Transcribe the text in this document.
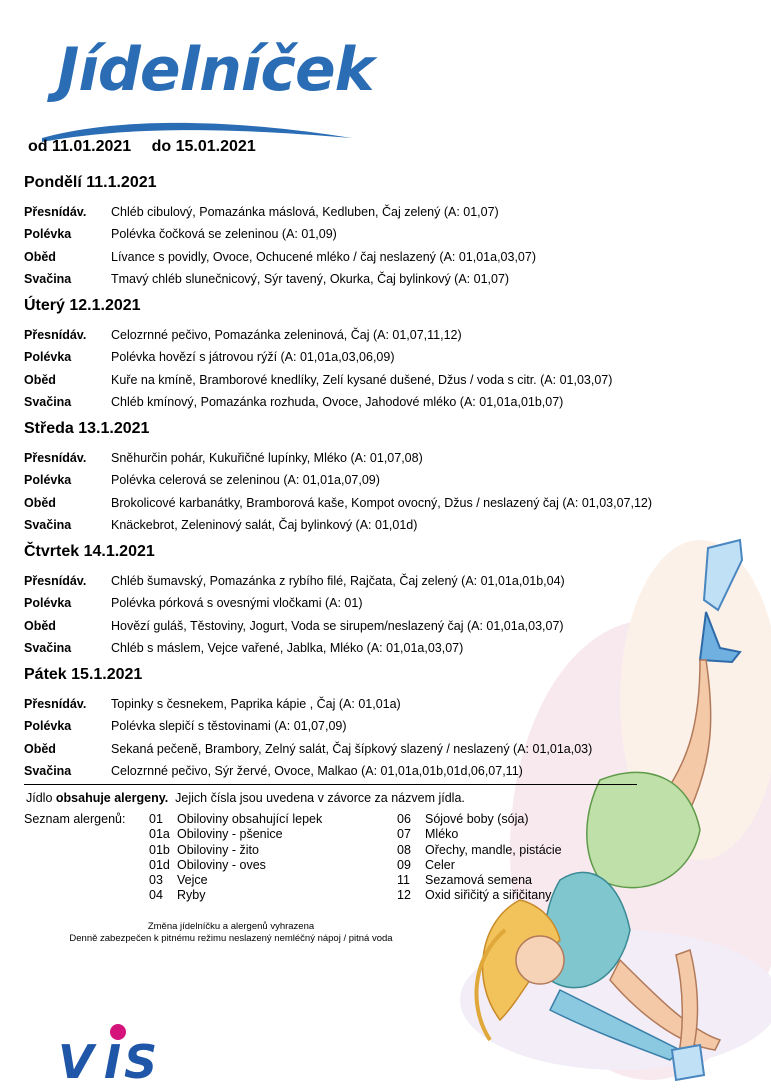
Jídelníček
od 11.01.2021 do 15.01.2021
Pondělí 11.1.2021
Přesnídáv.	Chléb cibulový, Pomazánka máslová, Kedluben, Čaj zelený (A: 01,07)
Polévka	Polévka čočková se zeleninou (A: 01,09)
Oběd	Lívance s povidly, Ovoce, Ochucené mléko / čaj neslazený (A: 01,01a,03,07)
Svačina	Tmavý chléb slunečnicový, Sýr tavený, Okurka, Čaj bylinkový (A: 01,07)
Úterý 12.1.2021
Přesnídáv.	Celozrnné pečivo, Pomazánka zeleninová, Čaj (A: 01,07,11,12)
Polévka	Polévka hovězí s játrovou rýží (A: 01,01a,03,06,09)
Oběd	Kuře na kmíně, Bramborové knedlíky, Zelí kysané dušené, Džus / voda s citr. (A: 01,03,07)
Svačina	Chléb kmínový, Pomazánka rozhuda, Ovoce, Jahodové mléko (A: 01,01a,01b,07)
Středa 13.1.2021
Přesnídáv.	Sněhurčin pohár, Kukuřičné lupínky, Mléko (A: 01,07,08)
Polévka	Polévka celerová se zeleninou (A: 01,01a,07,09)
Oběd	Brokolicové karbanátky, Bramborová kaše, Kompot ovocný, Džus / neslazený čaj (A: 01,03,07,12)
Svačina	Knäckebrot, Zeleninový salát, Čaj bylinkový (A: 01,01d)
Čtvrtek 14.1.2021
Přesnídáv.	Chléb šumavský, Pomazánka z rybího filé, Rajčata, Čaj zelený (A: 01,01a,01b,04)
Polévka	Polévka pórková s ovesnými vločkami (A: 01)
Oběd	Hovězí guláš, Těstoviny, Jogurt, Voda se sirupem/neslazený čaj (A: 01,01a,03,07)
Svačina	Chléb s máslem, Vejce vařené, Jablka, Mléko (A: 01,01a,03,07)
Pátek 15.1.2021
Přesnídáv.	Topinky s česnekem, Paprika kápie , Čaj (A: 01,01a)
Polévka	Polévka slepičí s těstovinami (A: 01,07,09)
Oběd	Sekaná pečeně, Brambory, Zelný salát, Čaj šípkový slazený / neslazený (A: 01,01a,03)
Svačina	Celozrnné pečivo, Sýr žervé, Ovoce, Malkao (A: 01,01a,01b,01d,06,07,11)
Jídlo obsahuje alergeny.  Jejich čísla jsou uvedena v závorce za názvem jídla.
Seznam alergenů: 01	Obiloviny obsahující lepek
01a Obiloviny - pšenice
01b Obiloviny - žito
01d Obiloviny - oves
03	Vejce
04	Ryby
06	Sójové boby (sója)
07	Mléko
08	Ořechy, mandle, pistácie
09	Celer
11	Sezamová semena
12	Oxid siřičitý a siřičitany
Změna jídelníčku a alergenů vyhrazena
Denně zabezpečen k pitnému režimu neslazený nemléčný nápoj / pitná voda
V I S
